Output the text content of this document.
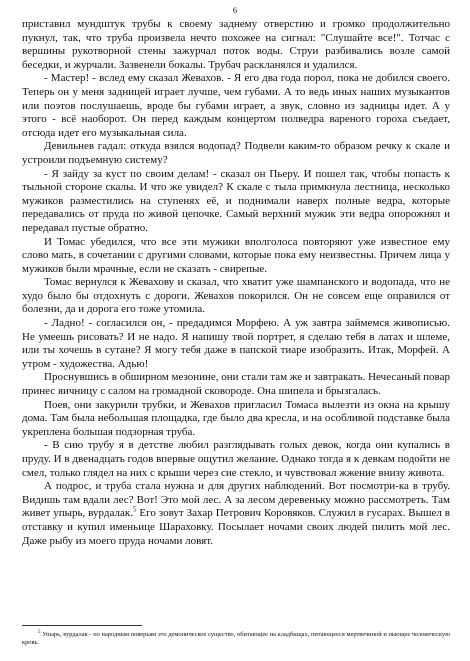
6

приставил мундштук трубы к своему заднему отверстию и громко продолжительно пукнул, так, что труба произвела нечто похожее на сигнал: "Слушайте все!". Тотчас с вершины рукотворной стены зажурчал поток воды. Струи разбивались возле самой беседки, и журчали. Зазвенели бокалы. Трубач раскланялся и удалился.

- Мастер! - вслед ему сказал Жевахов. - Я его два года порол, пока не добился своего. Теперь он у меня задницей играет лучше, чем губами. А то ведь иных наших музыкантов или поэтов послушаешь, вроде бы губами играет, а звук, словно из задницы идет. А у этого - всё наоборот. Он перед каждым концертом полведра вареного гороха съедает, отсюда идет его музыкальная сила.

Девильнев гадал: откуда взялся водопад? Подвели каким-то образом речку к скале и устроили подъемную систему?

- Я зайду за куст по своим делам! - сказал он Пьеру. И пошел так, чтобы попасть к тыльной стороне скалы. И что же увидел? К скале с тыла примкнула лестница, несколько мужиков разместились на ступенях её, и поднимали наверх полные ведра, которые передавались от пруда по живой цепочке. Самый верхний мужик эти ведра опорожнял и передавал пустые обратно.

И Томас убедился, что все эти мужики вполголоса повторяют уже известное ему слово мать, в сочетании с другими словами, которые пока ему неизвестны. Причем лица у мужиков были мрачные, если не сказать - свирепые.

Томас вернулся к Жевахову и сказал, что хватит уже шампанского и водопада, что не худо было бы отдохнуть с дороги. Жевахов покорился. Он не совсем еще оправился от болезни, да и дорога его тоже утомила.

- Ладно! - согласился он, - предадимся Морфею. А уж завтра займемся живописью. Не умеешь рисовать? И не надо. Я напишу твой портрет, я сделаю тебя в латах и шлеме, или ты хочешь в сутане? Я могу тебя даже в папской тиаре изобразить. Итак, Морфей. А утром - художества. Адью!

Проснувшись в обширном мезонине, они стали там же и завтракать. Нечесаный повар принес яичницу с салом на громадной сковороде. Она шипела и брызгалась.

Поев, они закурили трубки, и Жевахов пригласил Томаса вылезти из окна на крышу дома. Там была небольшая площадка, где было два кресла, и на особливой подставке была укреплена большая подзорная труба.

- В сию трубу я в детстве любил разглядывать голых девок, когда они купались в пруду. И в двенадцать годов впервые ощутил желание. Однако тогда я к девкам подойти не смел, только глядел на них с крыши через сие стекло, и чувствовал жжение внизу живота.

А подрос, и труба стала нужна и для других наблюдений. Вот посмотри-ка в трубу. Видишь там вдали лес? Вот! Это мой лес. А за лесом деревеньку можно рассмотреть. Там живет упырь, вурдалак.$^5$ Его зовут Захар Петрович Коровяков. Служил в гусарах. Вышел в отставку и купил именьице Шараховку. Посылает ночами своих людей пилить мой лес. Даже рыбу из моего пруда ночами ловят.

$^5$ Упырь, вурдалак - по народным поверьям это демоническое существо, обитающее на кладбищах, питающееся мертвечиной и пьющее человеческую кровь.
